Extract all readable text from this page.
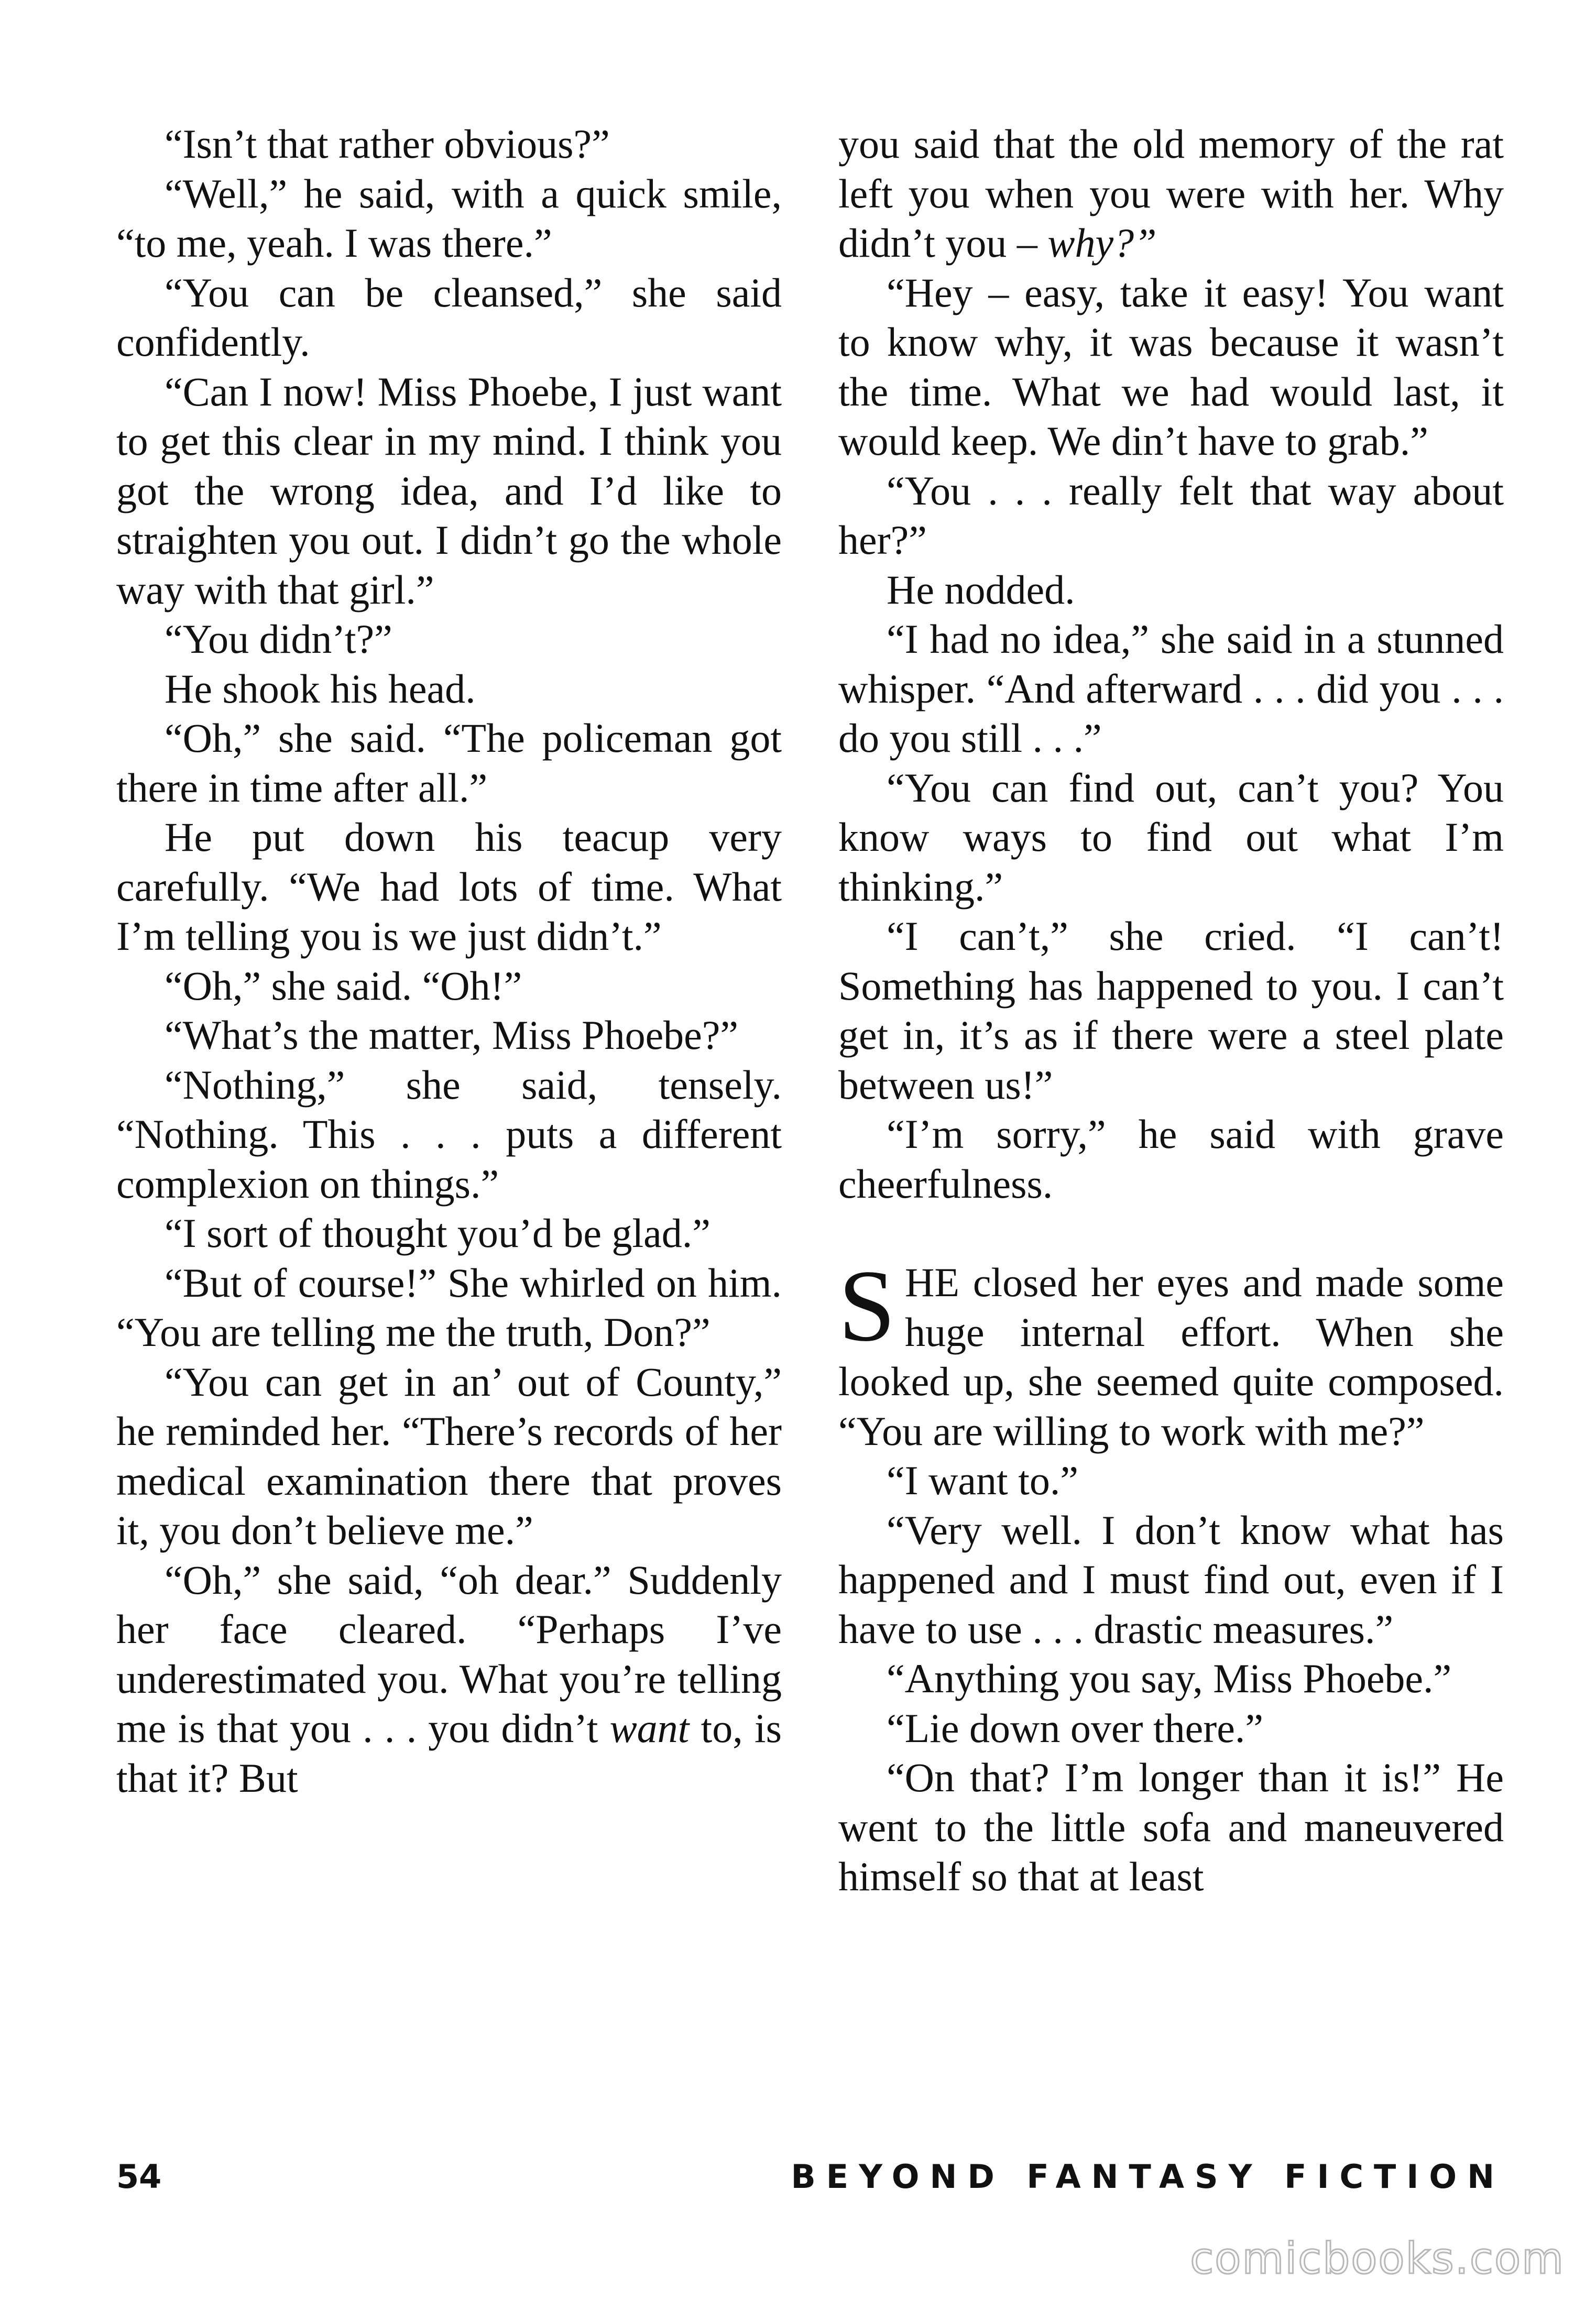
“Isn’t that rather obvious?”

“Well,” he said, with a quick smile, “to me, yeah. I was there.”

“You can be cleansed,” she said confidently.

“Can I now! Miss Phoebe, I just want to get this clear in my mind. I think you got the wrong idea, and I’d like to straighten you out. I didn’t go the whole way with that girl.”

“You didn’t?”

He shook his head.

“Oh,” she said. “The policeman got there in time after all.”

He put down his teacup very carefully. “We had lots of time. What I’m telling you is we just didn’t.”

“Oh,” she said. “Oh!”

“What’s the matter, Miss Phoebe?”

“Nothing,” she said, tensely. “Nothing. This . . . puts a different complexion on things.”

“I sort of thought you’d be glad.”

“But of course!” She whirled on him. “You are telling me the truth, Don?”

“You can get in an’ out of County,” he reminded her. “There’s records of her medical examination there that proves it, you don’t believe me.”

“Oh,” she said, “oh dear.” Suddenly her face cleared. “Perhaps I’ve underestimated you. What you’re telling me is that you . . . you didn’t want to, is that it? But

you said that the old memory of the rat left you when you were with her. Why didn’t you – why?”

“Hey – easy, take it easy! You want to know why, it was because it wasn’t the time. What we had would last, it would keep. We din’t have to grab.”

“You . . . really felt that way about her?”

He nodded.

“I had no idea,” she said in a stunned whisper. “And afterward . . . did you . . . do you still . . .”

“You can find out, can’t you? You know ways to find out what I’m thinking.”

“I can’t,” she cried. “I can’t! Something has happened to you. I can’t get in, it’s as if there were a steel plate between us!”

“I’m sorry,” he said with grave cheerfulness.

SHE closed her eyes and made some huge internal effort. When she looked up, she seemed quite composed. “You are willing to work with me?”

“I want to.”

“Very well. I don’t know what has happened and I must find out, even if I have to use . . . drastic measures.”

“Anything you say, Miss Phoebe.”

“Lie down over there.”

“On that? I’m longer than it is!” He went to the little sofa and maneuvered himself so that at least

54	BEYOND FANTASY FICTION
comicbooks.com
